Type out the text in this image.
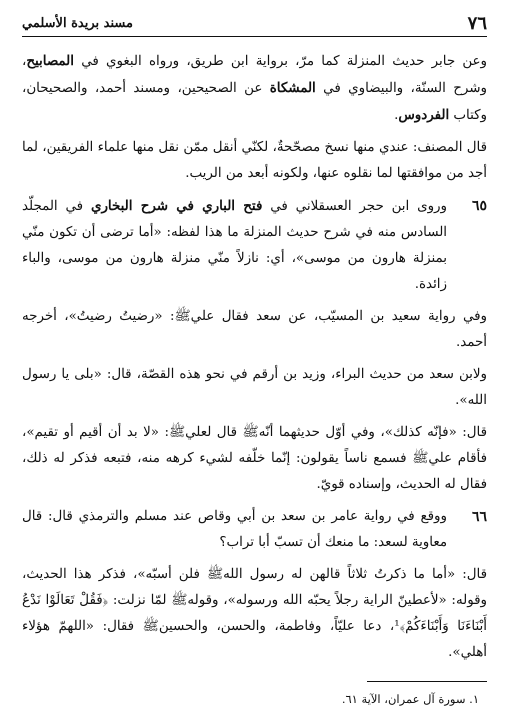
٧٦
مسند بريدة الأسلمي
وعن جابر حديث المنزلة كما مرّ، برواية ابن طريق، ورواه البغوي في المصابيح، وشرح السنّة، والبيضاوي في المشكاة عن الصحيحين، ومسند أحمد، والصحيحان، وكتاب الفردوس.
قال المصنف: عندي منها نسخ مصحّحةٌ، لكنّي أنقل ممّن نقل منها علماء الفريقين، لما أجد من موافقتها لما نقلوه عنها، ولكونه أبعد من الريب.
٦٥
وروى ابن حجر العسقلاني في فتح الباري في شرح البخاري في المجلّد السادس منه في شرح حديث المنزلة ما هذا لفظه: «أما ترضى أن تكون منّي بمنزلة هارون من موسى»، أي: نازلاً منّي منزلة هارون من موسى، والباء زائدة.
وفي رواية سعيد بن المسيّب، عن سعد فقال عليﷺ: «رضيتُ رضيتُ»، أخرجه أحمد.
ولابن سعد من حديث البراء، وزيد بن أرقم في نحو هذه القصّة، قال: «بلى يا رسول الله».
قال: «فإنّه كذلك»، وفي أوّل حديثهما أنّهﷺ قال لعليﷺ: «لا بد أن أقيم أو تقيم»، فأقام عليﷺ فسمع ناساً يقولون: إنّما خلّفه لشيء كرهه منه، فتبعه فذكر له ذلك، فقال له الحديث، وإسناده قويّ.
٦٦
ووقع في رواية عامر بن سعد بن أبي وقاص عند مسلم والترمذي قال: قال معاوية لسعد: ما منعك أن تسبّ أبا تراب؟
قال: «أما ما ذكرتُ ثلاثاً قالهن له رسول اللهﷺ فلن أسبّه»، فذكر هذا الحديث، وقوله: «لأعطينّ الراية رجلاً يحبّه الله ورسوله»، وقولهﷺ لمّا نزلت: ﴿فَقُلْ تَعَالَوْا نَدْعُ أَبْنَاءَنَا وَأَبْنَاءَكُمْ﴾¹، دعا عليّاً، وفاطمة، والحسن، والحسينﷺ فقال: «اللهمّ هؤلاء أهلي».
١. سورة آل عمران، الآية ٦١.
